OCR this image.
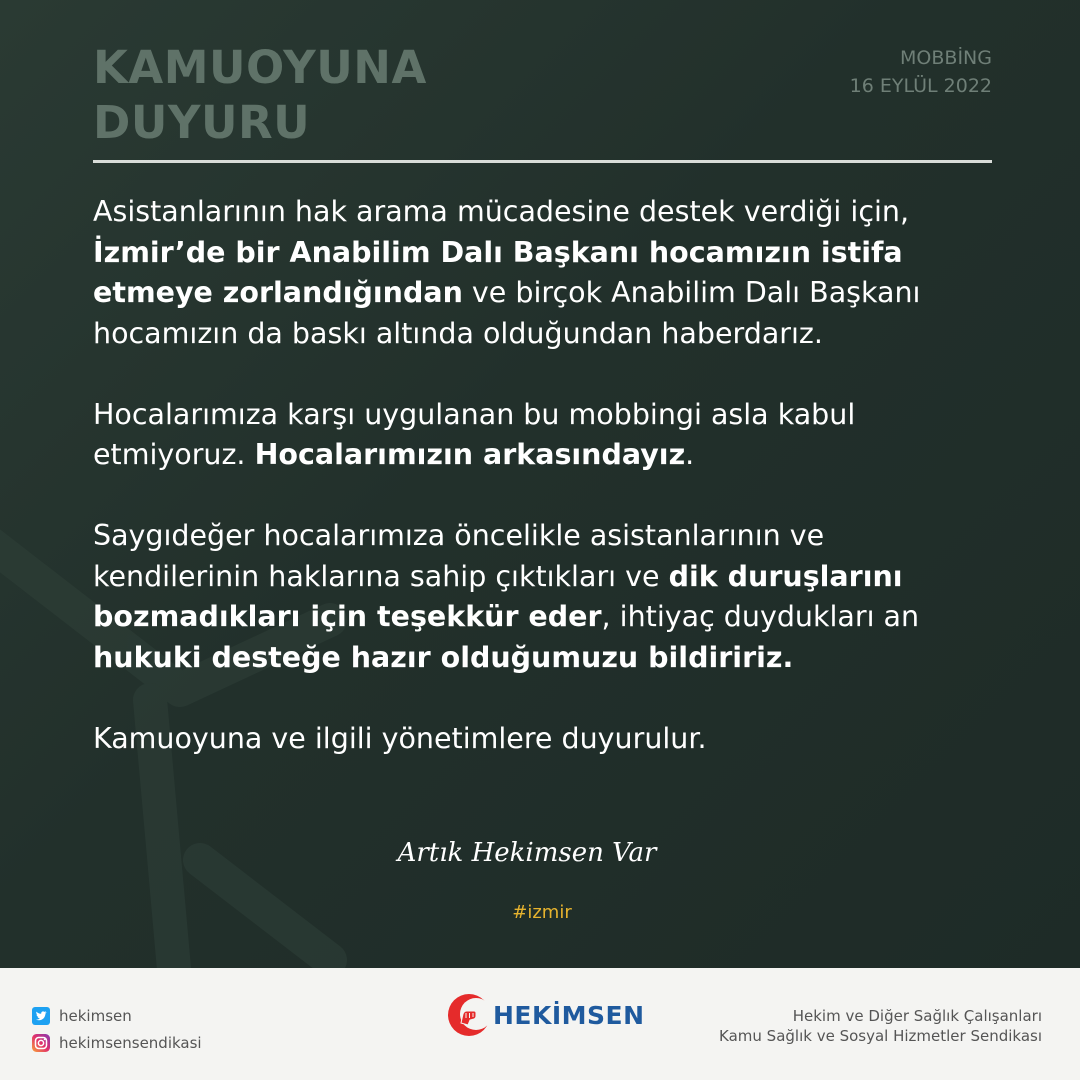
KAMUOYUNA
DUYURU
MOBBİNG
16 EYLÜL 2022

Asistanlarının hak arama mücadesine destek verdiği için, İzmir’de bir Anabilim Dalı Başkanı hocamızın istifa etmeye zorlandığından ve birçok Anabilim Dalı Başkanı hocamızın da baskı altında olduğundan haberdarız.

Hocalarımıza karşı uygulanan bu mobbingi asla kabul etmiyoruz. Hocalarımızın arkasındayız.

Saygıdeğer hocalarımıza öncelikle asistanlarının ve kendilerinin haklarına sahip çıktıkları ve dik duruşlarını bozmadıkları için teşekkür eder, ihtiyaç duydukları an hukuki desteğe hazır olduğumuzu bildiririz.

Kamuoyuna ve ilgili yönetimlere duyurulur.

Artık Hekimsen Var
#izmir
hekimsen
hekimsensendikasi
HEKİMSEN	Hekim ve Diğer Sağlık Çalışanları
Kamu Sağlık ve Sosyal Hizmetler Sendikası
